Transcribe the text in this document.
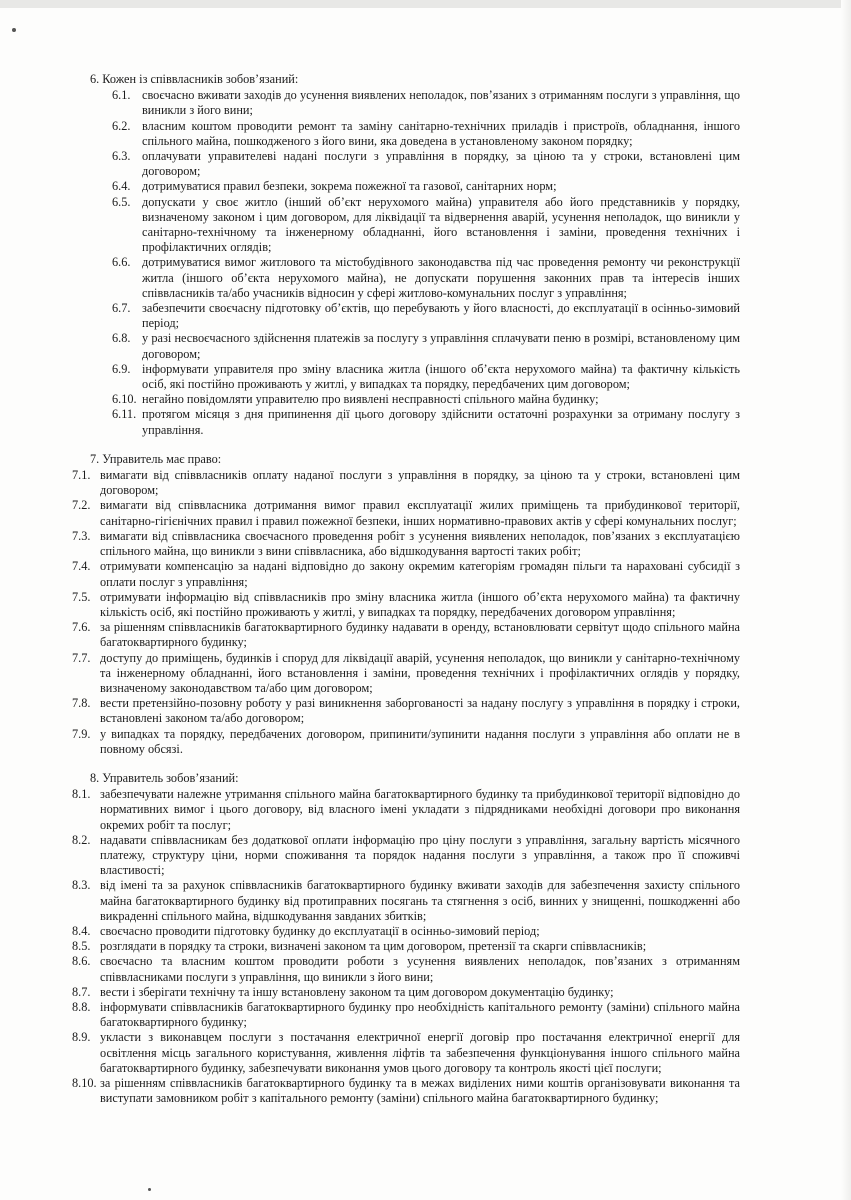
6. Кожен із співвласників зобов’язаний:

6.1. своєчасно вживати заходів до усунення виявлених неполадок, пов’язаних з отриманням послуги з управління, що виникли з його вини;

6.2. власним коштом проводити ремонт та заміну санітарно-технічних приладів і пристроїв, обладнання, іншого спільного майна, пошкодженого з його вини, яка доведена в установленому законом порядку;

6.3. оплачувати управителеві надані послуги з управління в порядку, за ціною та у строки, встановлені цим договором;

6.4. дотримуватися правил безпеки, зокрема пожежної та газової, санітарних норм;

6.5. допускати у своє житло (інший об’єкт нерухомого майна) управителя або його представників у порядку, визначеному законом і цим договором, для ліквідації та відвернення аварій, усунення неполадок, що виникли у санітарно-технічному та інженерному обладнанні, його встановлення і заміни, проведення технічних і профілактичних оглядів;

6.6. дотримуватися вимог житлового та містобудівного законодавства під час проведення ремонту чи реконструкції житла (іншого об’єкта нерухомого майна), не допускати порушення законних прав та інтересів інших співвласників та/або учасників відносин у сфері житлово-комунальних послуг з управління;

6.7. забезпечити своєчасну підготовку об’єктів, що перебувають у його власності, до експлуатації в осінньо-зимовий період;

6.8. у разі несвоєчасного здійснення платежів за послугу з управління сплачувати пеню в розмірі, встановленому цим договором;

6.9. інформувати управителя про зміну власника житла (іншого об’єкта нерухомого майна) та фактичну кількість осіб, які постійно проживають у житлі, у випадках та порядку, передбачених цим договором;

6.10. негайно повідомляти управителю про виявлені несправності спільного майна будинку;

6.11. протягом місяця з дня припинення дії цього договору здійснити остаточні розрахунки за отриману послугу з управління.

7. Управитель має право:

7.1. вимагати від співвласників оплату наданої послуги з управління в порядку, за ціною та у строки, встановлені цим договором;

7.2. вимагати від співвласника дотримання вимог правил експлуатації жилих приміщень та прибудинкової території, санітарно-гігієнічних правил і правил пожежної безпеки, інших нормативно-правових актів у сфері комунальних послуг;

7.3. вимагати від співвласника своєчасного проведення робіт з усунення виявлених неполадок, пов’язаних з експлуатацією спільного майна, що виникли з вини співвласника, або відшкодування вартості таких робіт;

7.4. отримувати компенсацію за надані відповідно до закону окремим категоріям громадян пільги та нараховані субсидії з оплати послуг з управління;

7.5. отримувати інформацію від співвласників про зміну власника житла (іншого об’єкта нерухомого майна) та фактичну кількість осіб, які постійно проживають у житлі, у випадках та порядку, передбачених договором управління;

7.6. за рішенням співвласників багатоквартирного будинку надавати в оренду, встановлювати сервітут щодо спільного майна багатоквартирного будинку;

7.7. доступу до приміщень, будинків і споруд для ліквідації аварій, усунення неполадок, що виникли у санітарно-технічному та інженерному обладнанні, його встановлення і заміни, проведення технічних і профілактичних оглядів у порядку, визначеному законодавством та/або цим договором;

7.8. вести претензійно-позовну роботу у разі виникнення заборгованості за надану послугу з управління в порядку і строки, встановлені законом та/або договором;

7.9. у випадках та порядку, передбачених договором, припинити/зупинити надання послуги з управління або оплати не в повному обсязі.

8. Управитель зобов’язаний:

8.1. забезпечувати належне утримання спільного майна багатоквартирного будинку та прибудинкової території відповідно до нормативних вимог і цього договору, від власного імені укладати з підрядниками необхідні договори про виконання окремих робіт та послуг;

8.2. надавати співвласникам без додаткової оплати інформацію про ціну послуги з управління, загальну вартість місячного платежу, структуру ціни, норми споживання та порядок надання послуги з управління, а також про її споживчі властивості;

8.3. від імені та за рахунок співвласників багатоквартирного будинку вживати заходів для забезпечення захисту спільного майна багатоквартирного будинку від протиправних посягань та стягнення з осіб, винних у знищенні, пошкодженні або викраденні спільного майна, відшкодування завданих збитків;

8.4. своєчасно проводити підготовку будинку до експлуатації в осінньо-зимовий період;

8.5. розглядати в порядку та строки, визначені законом та цим договором, претензії та скарги співвласників;

8.6. своєчасно та власним коштом проводити роботи з усунення виявлених неполадок, пов’язаних з отриманням співвласниками послуги з управління, що виникли з його вини;

8.7. вести і зберігати технічну та іншу встановлену законом та цим договором документацію будинку;

8.8. інформувати співвласників багатоквартирного будинку про необхідність капітального ремонту (заміни) спільного майна багатоквартирного будинку;

8.9. укласти з виконавцем послуги з постачання електричної енергії договір про постачання електричної енергії для освітлення місць загального користування, живлення ліфтів та забезпечення функціонування іншого спільного майна багатоквартирного будинку, забезпечувати виконання умов цього договору та контроль якості цієї послуги;

8.10. за рішенням співвласників багатоквартирного будинку та в межах виділених ними коштів організовувати виконання та виступати замовником робіт з капітального ремонту (заміни) спільного майна багатоквартирного будинку;
